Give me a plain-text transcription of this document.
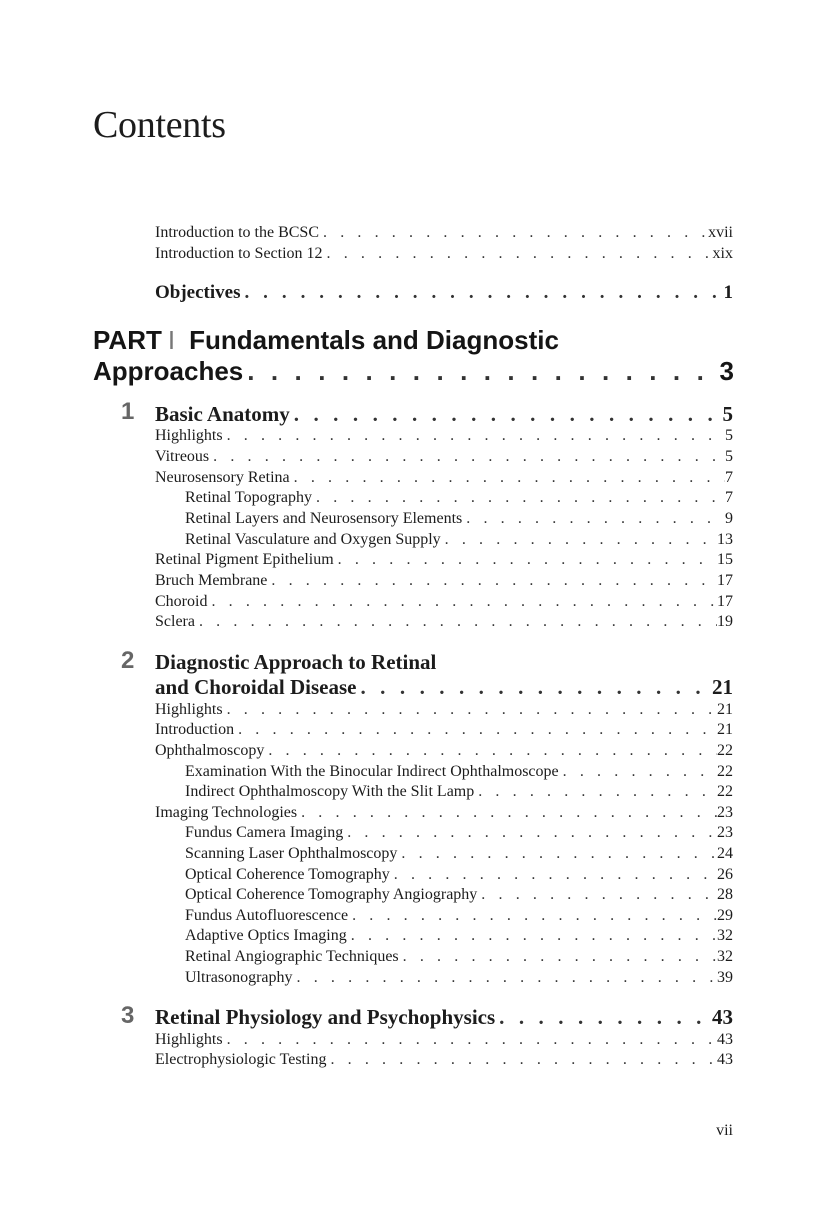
Contents
Introduction to the BCSC . . .	xvii
Introduction to Section 12 . . .	xix
Objectives . . .	1
PART I Fundamentals and Diagnostic
Approaches . . .	3
1 Basic Anatomy . . .	5
Highlights . . .	5
Vitreous . . .	5
Neurosensory Retina . . .	7
Retinal Topography . . .	7
Retinal Layers and Neurosensory Elements . . .	9
Retinal Vasculature and Oxygen Supply . . .	13
Retinal Pigment Epithelium . . .	15
Bruch Membrane . . .	17
Choroid . . .	17
Sclera . . .	19
2 Diagnostic Approach to Retinal
and Choroidal Disease . . .	21
Highlights . . .	21
Introduction . . .	21
Ophthalmoscopy . . .	22
Examination With the Binocular Indirect Ophthalmoscope . . .	22
Indirect Ophthalmoscopy With the Slit Lamp . . .	22
Imaging Technologies . . .	23
Fundus Camera Imaging . . .	23
Scanning Laser Ophthalmoscopy . . .	24
Optical Coherence Tomography . . .	26
Optical Coherence Tomography Angiography . . .	28
Fundus Autofluorescence . . .	29
Adaptive Optics Imaging . . .	32
Retinal Angiographic Techniques . . .	32
Ultrasonography . . .	39
3 Retinal Physiology and Psychophysics . . .	43
Highlights . . .	43
Electrophysiologic Testing . . .	43
vii
